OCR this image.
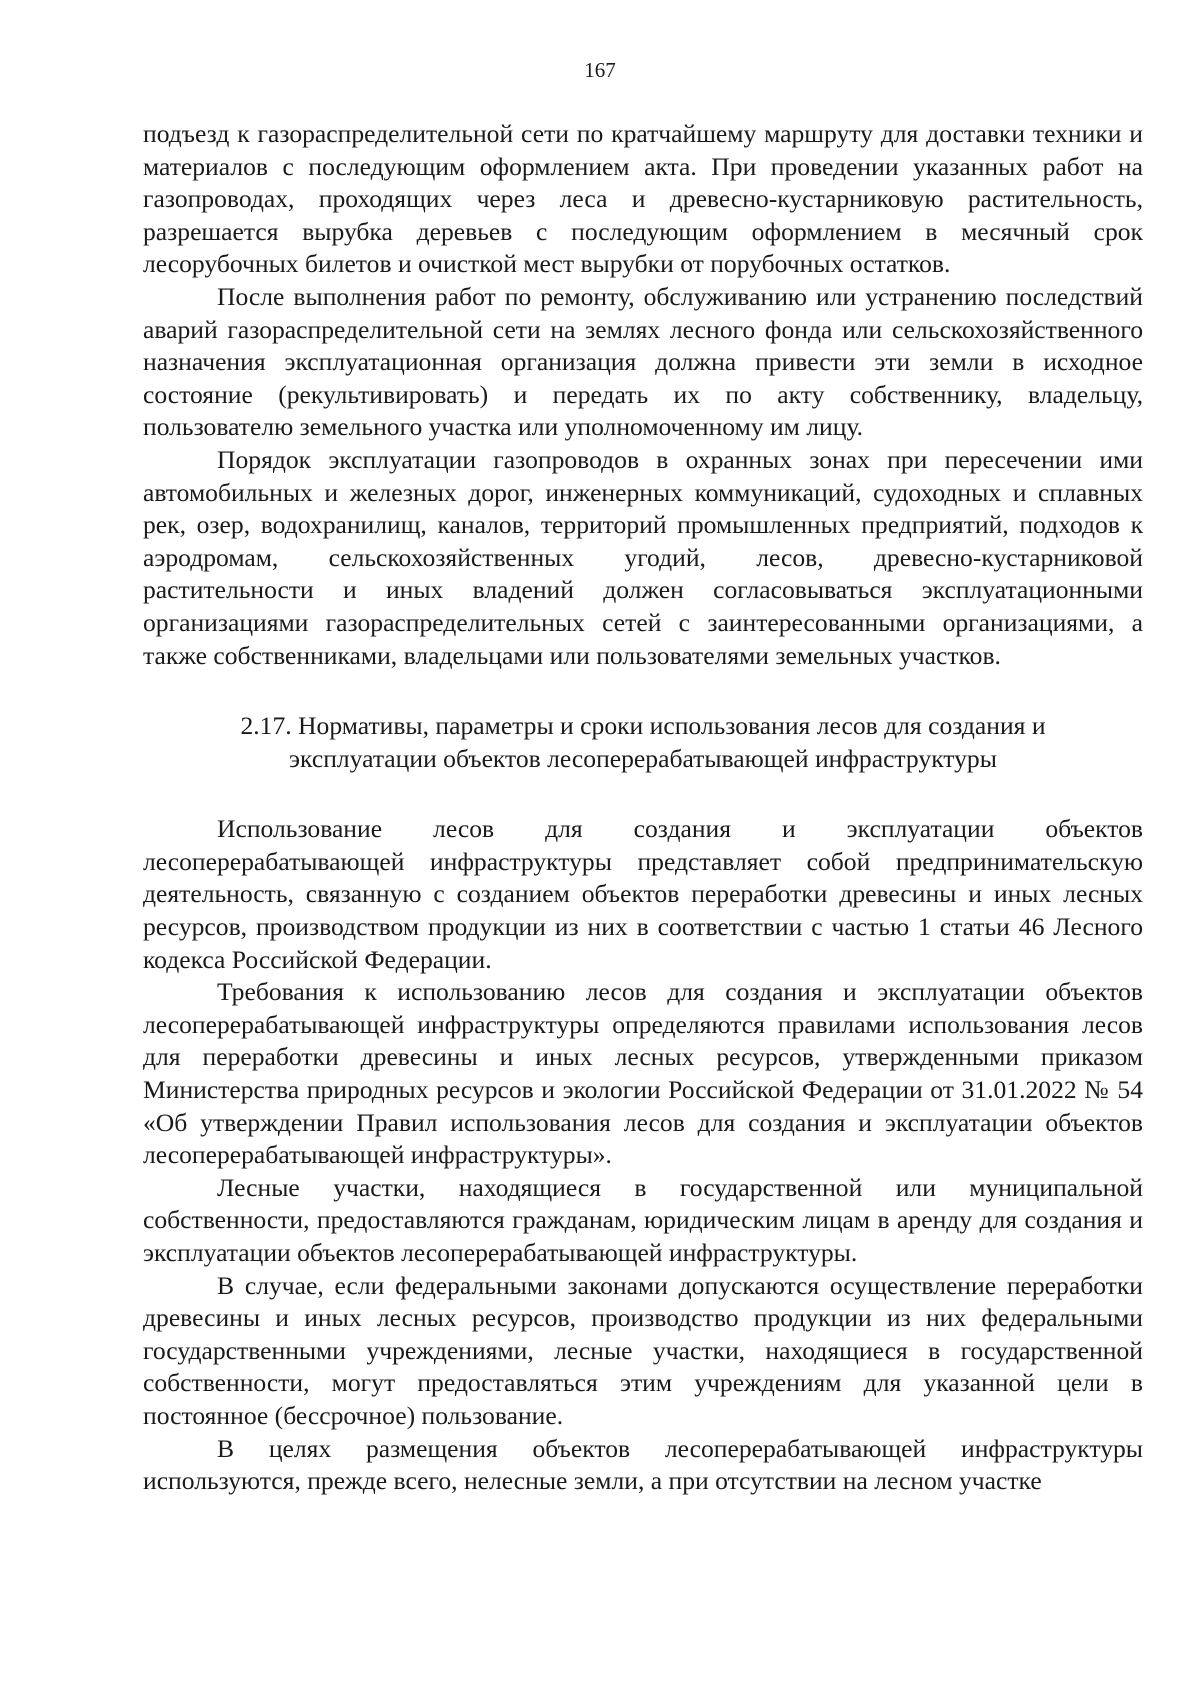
167

подъезд к газораспределительной сети по кратчайшему маршруту для доставки техники и материалов с последующим оформлением акта. При проведении указанных работ на газопроводах, проходящих через леса и древесно-кустарниковую растительность, разрешается вырубка деревьев с последующим оформлением в месячный срок лесорубочных билетов и очисткой мест вырубки от порубочных остатков.

После выполнения работ по ремонту, обслуживанию или устранению последствий аварий газораспределительной сети на землях лесного фонда или сельскохозяйственного назначения эксплуатационная организация должна привести эти земли в исходное состояние (рекультивировать) и передать их по акту собственнику, владельцу, пользователю земельного участка или уполномоченному им лицу.

Порядок эксплуатации газопроводов в охранных зонах при пересечении ими автомобильных и железных дорог, инженерных коммуникаций, судоходных и сплавных рек, озер, водохранилищ, каналов, территорий промышленных предприятий, подходов к аэродромам, сельскохозяйственных угодий, лесов, древесно-кустарниковой растительности и иных владений должен согласовываться эксплуатационными организациями газораспределительных сетей с заинтересованными организациями, а также собственниками, владельцами или пользователями земельных участков.

2.17. Нормативы, параметры и сроки использования лесов для создания и
эксплуатации объектов лесоперерабатывающей инфраструктуры

Использование лесов для создания и эксплуатации объектов лесоперерабатывающей инфраструктуры представляет собой предпринимательскую деятельность, связанную с созданием объектов переработки древесины и иных лесных ресурсов, производством продукции из них в соответствии с частью 1 статьи 46 Лесного кодекса Российской Федерации.

Требования к использованию лесов для создания и эксплуатации объектов лесоперерабатывающей инфраструктуры определяются правилами использования лесов для переработки древесины и иных лесных ресурсов, утвержденными приказом Министерства природных ресурсов и экологии Российской Федерации от 31.01.2022 № 54 «Об утверждении Правил использования лесов для создания и эксплуатации объектов лесоперерабатывающей инфраструктуры».

Лесные участки, находящиеся в государственной или муниципальной собственности, предоставляются гражданам, юридическим лицам в аренду для создания и эксплуатации объектов лесоперерабатывающей инфраструктуры.

В случае, если федеральными законами допускаются осуществление переработки древесины и иных лесных ресурсов, производство продукции из них федеральными государственными учреждениями, лесные участки, находящиеся в государственной собственности, могут предоставляться этим учреждениям для указанной цели в постоянное (бессрочное) пользование.

В целях размещения объектов лесоперерабатывающей инфраструктуры используются, прежде всего, нелесные земли, а при отсутствии на лесном участке
